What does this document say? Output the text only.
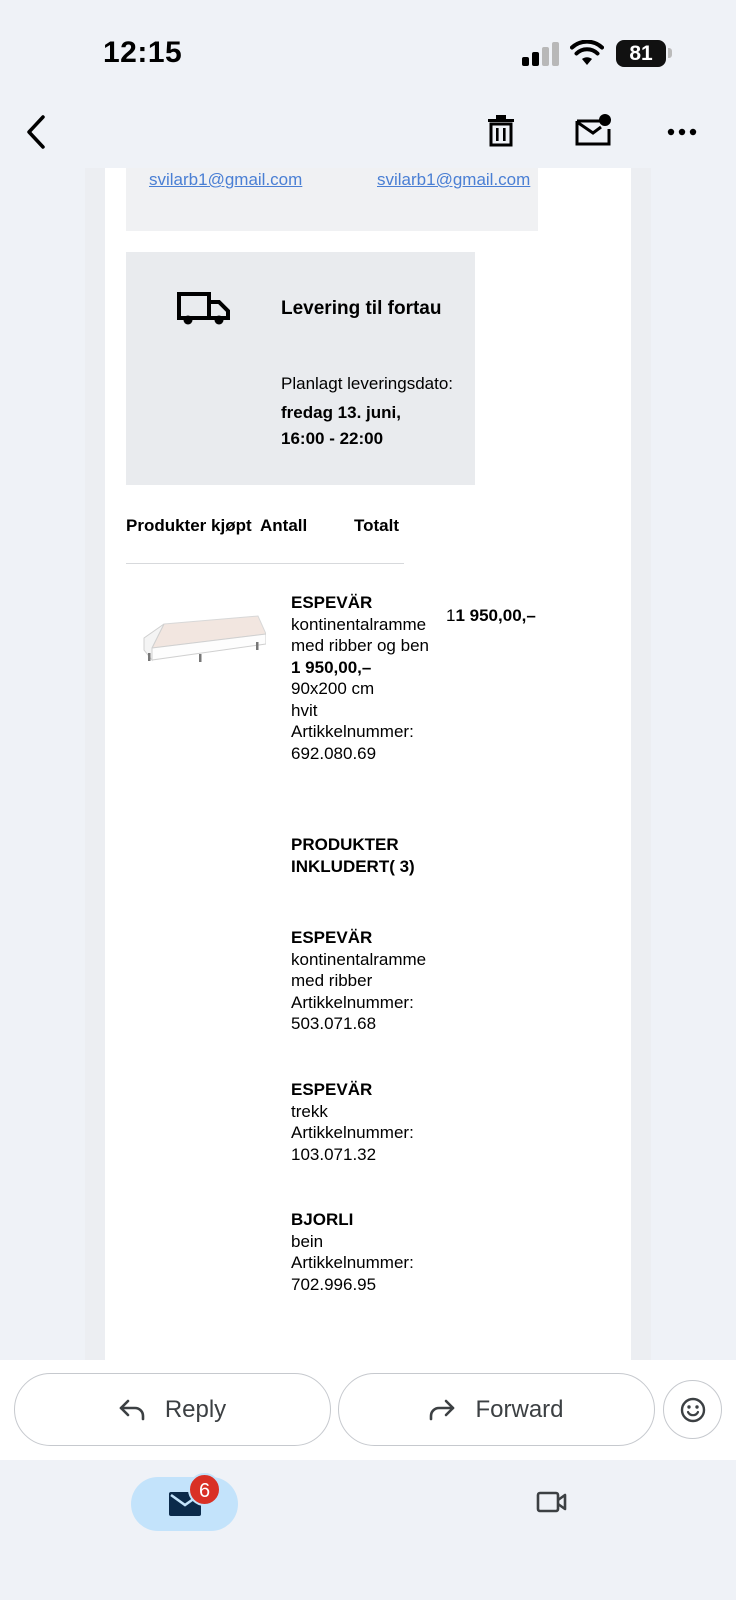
12:15	81
svilarb1@gmail.com	svilarb1@gmail.com
Levering til fortau
Planlagt leveringsdato:
fredag 13. juni,
16:00 - 22:00
Produkter kjøpt Antall	Totalt
ESPEVÄR
kontinentalramme
med ribber og ben
1 950,00,–
90x200 cm
hvit
Artikkelnummer:
692.080.69
11 950,00,–
PRODUKTER
INKLUDERT( 3)
ESPEVÄR
kontinentalramme
med ribber
Artikkelnummer:
503.071.68
ESPEVÄR
trekk
Artikkelnummer:
103.071.32
BJORLI
bein
Artikkelnummer:
702.996.95
Reply	Forward
6
